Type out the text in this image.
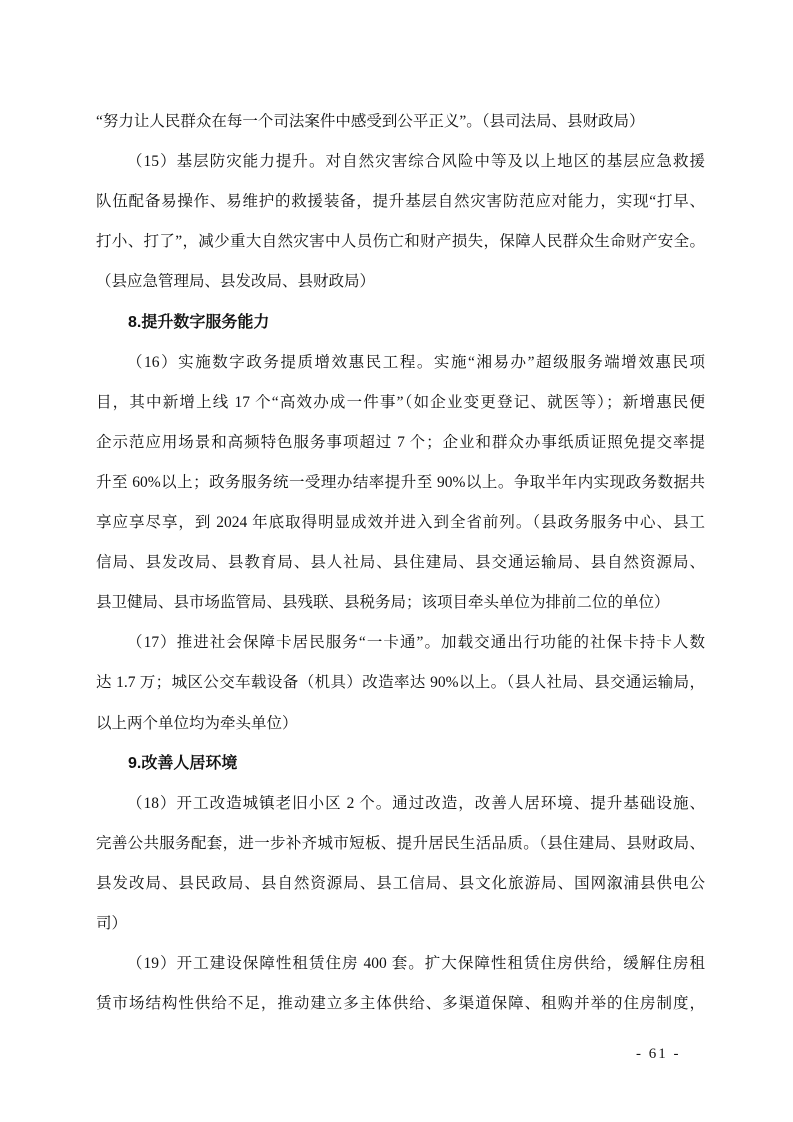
“努力让人民群众在每一个司法案件中感受到公平正义”。（县司法局、县财政局）
（15）基层防灾能力提升。对自然灾害综合风险中等及以上地区的基层应急救援
队伍配备易操作、易维护的救援装备，提升基层自然灾害防范应对能力，实现“打早、
打小、打了”，减少重大自然灾害中人员伤亡和财产损失，保障人民群众生命财产安全。
（县应急管理局、县发改局、县财政局）
8.提升数字服务能力
（16）实施数字政务提质增效惠民工程。实施“湘易办”超级服务端增效惠民项
目，其中新增上线 17 个“高效办成一件事”（如企业变更登记、就医等）；新增惠民便
企示范应用场景和高频特色服务事项超过 7 个；企业和群众办事纸质证照免提交率提
升至 60%以上；政务服务统一受理办结率提升至 90%以上。争取半年内实现政务数据共
享应享尽享，到 2024 年底取得明显成效并进入到全省前列。（县政务服务中心、县工
信局、县发改局、县教育局、县人社局、县住建局、县交通运输局、县自然资源局、
县卫健局、县市场监管局、县残联、县税务局；该项目牵头单位为排前二位的单位）
（17）推进社会保障卡居民服务“一卡通”。加载交通出行功能的社保卡持卡人数
达 1.7 万；城区公交车载设备（机具）改造率达 90%以上。（县人社局、县交通运输局，
以上两个单位均为牵头单位）
9.改善人居环境
（18）开工改造城镇老旧小区 2 个。通过改造，改善人居环境、提升基础设施、
完善公共服务配套，进一步补齐城市短板、提升居民生活品质。（县住建局、县财政局、
县发改局、县民政局、县自然资源局、县工信局、县文化旅游局、国网溆浦县供电公
司）
（19）开工建设保障性租赁住房 400 套。扩大保障性租赁住房供给，缓解住房租
赁市场结构性供给不足，推动建立多主体供给、多渠道保障、租购并举的住房制度，
- 61 -
